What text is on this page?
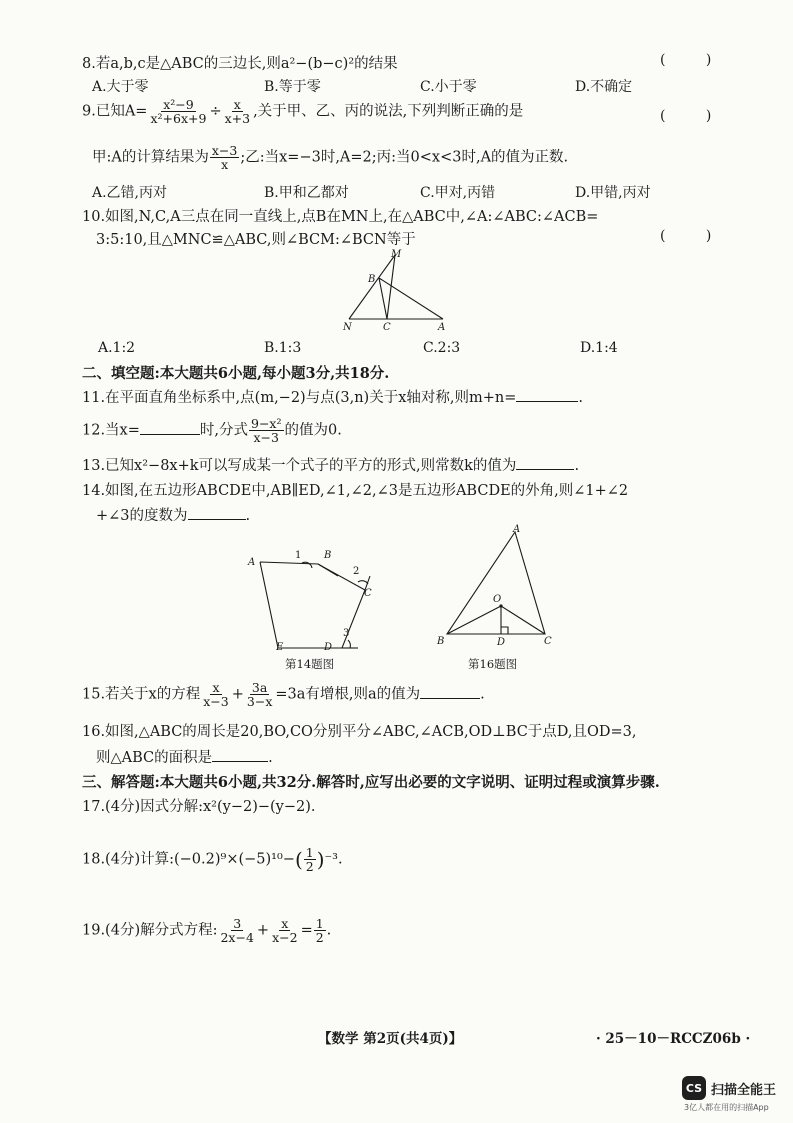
8.若a,b,c是△ABC的三边长,则a²−(b−c)²的结果	( )
A.大于零	B.等于零	C.小于零	D.不确定
9.已知$A= \frac{\text{x²−9}}{\text{x²+6x+9}} \div \frac{x}{x+3}$ ,关于甲、乙、丙的说法,下列判断正确的是	( )
甲:A的计算结果为 $\frac{x-3}{x}$ ;乙:当x=−3时,A=2;丙:当0<x<3时,A的值为正数.
A.乙错,丙对	B.甲和乙都对	C.甲对,丙错	D.甲错,丙对
10.如图,N,C,A三点在同一直线上,点B在MN上,在△ABC中,∠A:∠ABC:∠ACB=
3:5:10,且△MNC≌△ABC,则∠BCM:∠BCN等于	( )
M
B
N	C	A
A.1:2	B.1:3	C.2:3	D.1:4
二、填空题:本大题共6小题,每小题3分,共18分.
11.在平面直角坐标系中,点(m,−2)与点(3,n)关于x轴对称,则m+n=	.
12.当x=	时,分式 $\frac{\text{9−x²}}{x-3}$ 的值为0.
13.已知x²−8x+k可以写成某一个式子的平方的形式,则常数k的值为	.
14.如图,在五边形ABCDE中,AB∥ED,∠1,∠2,∠3是五边形ABCDE的外角,则∠1+∠2
+∠3的度数为	.
A
B
C
D
E
1
2
3
第14题图
A
B	C
D
O
第16题图
15.若关于x的方程 $\frac{x}{x-3} + \frac{3a}{3-x} =3a$有增根,则a的值为	.
16.如图,△ABC的周长是20,BO,CO分别平分∠ABC,∠ACB,OD⊥BC于点D,且OD=3,
则△ABC的面积是	.
三、解答题:本大题共6小题,共32分.解答时,应写出必要的文字说明、证明过程或演算步骤.
17.(4分)因式分解:x²(y−2)−(y−2).
18.(4分)计算:(−0.2)⁹×(−5)¹⁰−( $\frac{1}{2} )^{-3}$.
19.(4分)解分式方程: $\frac{3}{2x-4} + \frac{x}{x-2} = \frac{1}{2}$ .
【数学 第2页(共4页)】	· 25－10－RCCZ06b ·
CS 扫描全能王
3亿人都在用的扫描App
